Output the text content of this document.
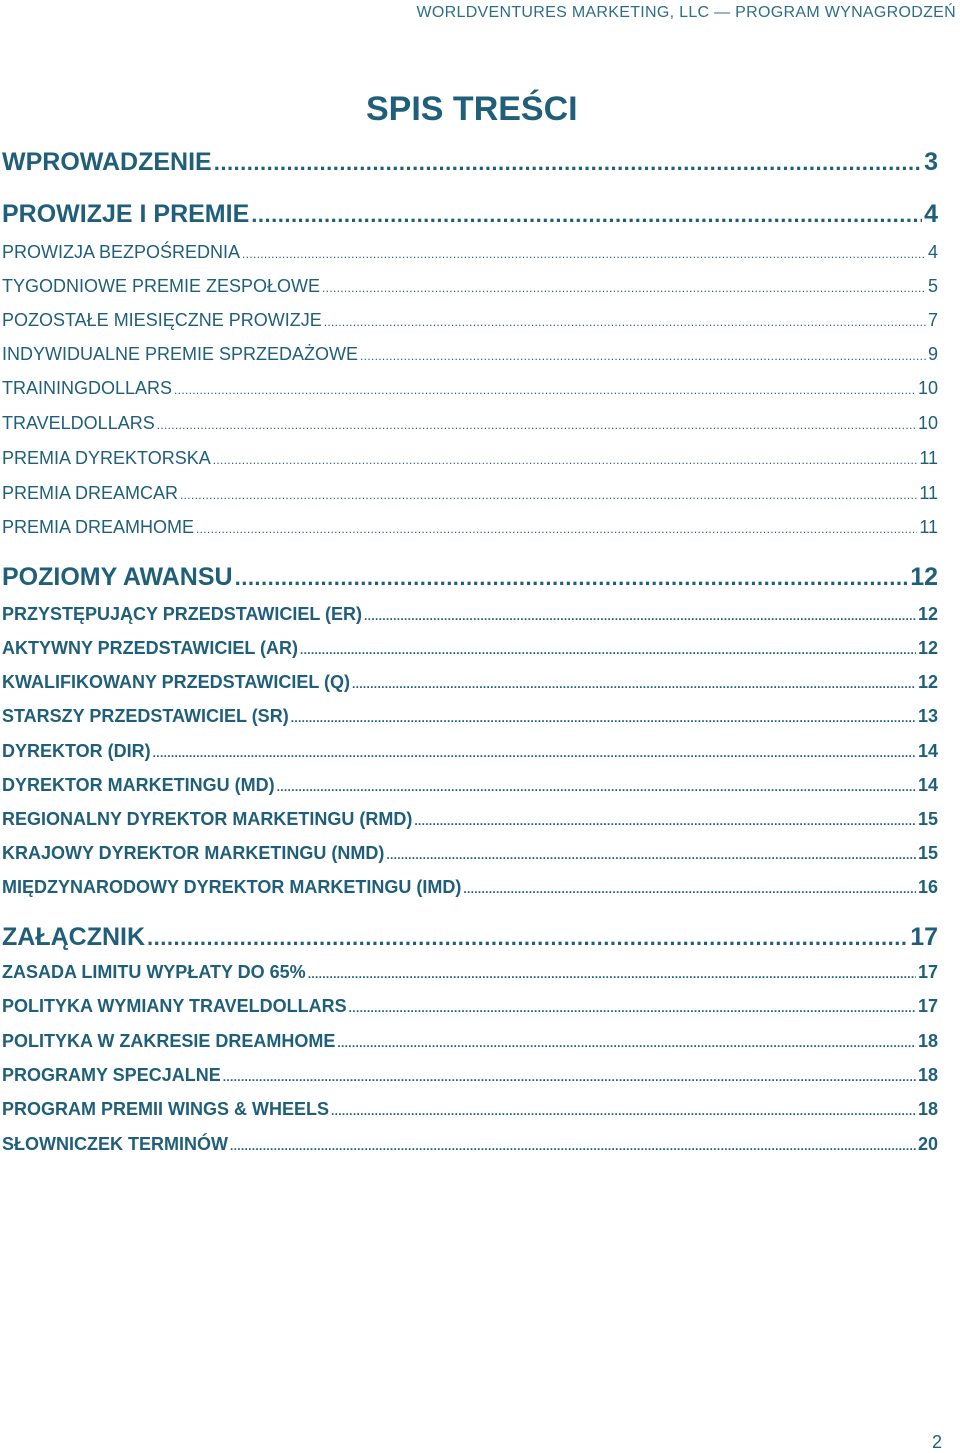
WORLDVENTURES MARKETING, LLC — PROGRAM WYNAGRODZEŃ
SPIS TREŚCI
WPROWADZENIE .....	3
PROWIZJE I PREMIE .....	4
PROWIZJA BEZPOŚREDNIA .....	4
TYGODNIOWE PREMIE ZESPOŁOWE .....	5
POZOSTAŁE MIESIĘCZNE PROWIZJE .....	7
INDYWIDUALNE PREMIE SPRZEDAŻOWE .....	9
TRAININGDOLLARS .....	10
TRAVELDOLLARS .....	10
PREMIA DYREKTORSKA .....	11
PREMIA DREAMCAR .....	11
PREMIA DREAMHOME .....	11
POZIOMY AWANSU .....	12
PRZYSTĘPUJĄCY PRZEDSTAWICIEL (ER) .....	12
AKTYWNY PRZEDSTAWICIEL (AR) .....	12
KWALIFIKOWANY PRZEDSTAWICIEL (Q) .....	12
STARSZY PRZEDSTAWICIEL (SR) .....	13
DYREKTOR (DIR) .....	14
DYREKTOR MARKETINGU (MD) .....	14
REGIONALNY DYREKTOR MARKETINGU (RMD) .....	15
KRAJOWY DYREKTOR MARKETINGU (NMD) .....	15
MIĘDZYNARODOWY DYREKTOR MARKETINGU (IMD) .....	16
ZAŁĄCZNIK .....	17
ZASADA LIMITU WYPŁATY DO 65% .....	17
POLITYKA WYMIANY TRAVELDOLLARS .....	17
POLITYKA W ZAKRESIE DREAMHOME .....	18
PROGRAMY SPECJALNE .....	18
PROGRAM PREMII WINGS & WHEELS .....	18
SŁOWNICZEK TERMINÓW .....	20
2
